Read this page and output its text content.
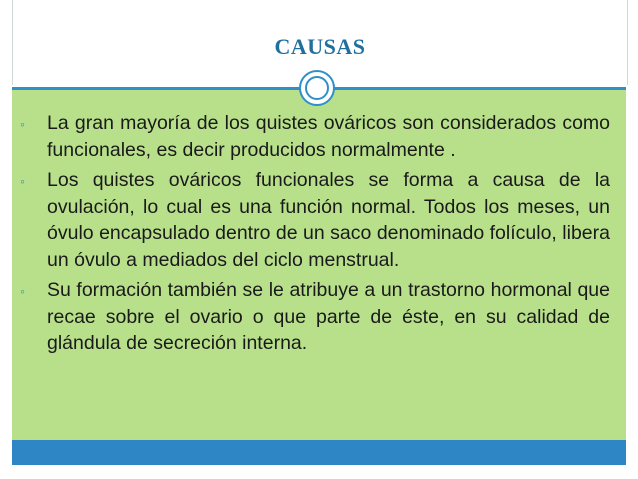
CAUSAS
◦ La gran mayoría de los quistes ováricos son considerados como funcionales, es decir producidos normalmente .
◦ Los quistes ováricos funcionales se forma a causa de la ovulación, lo cual es una función normal. Todos los meses, un óvulo encapsulado dentro de un saco denominado folículo, libera un óvulo a mediados del ciclo menstrual.
◦ Su formación también se le atribuye a un trastorno hormonal que recae sobre el ovario o que parte de éste, en su calidad de glándula de secreción interna.
